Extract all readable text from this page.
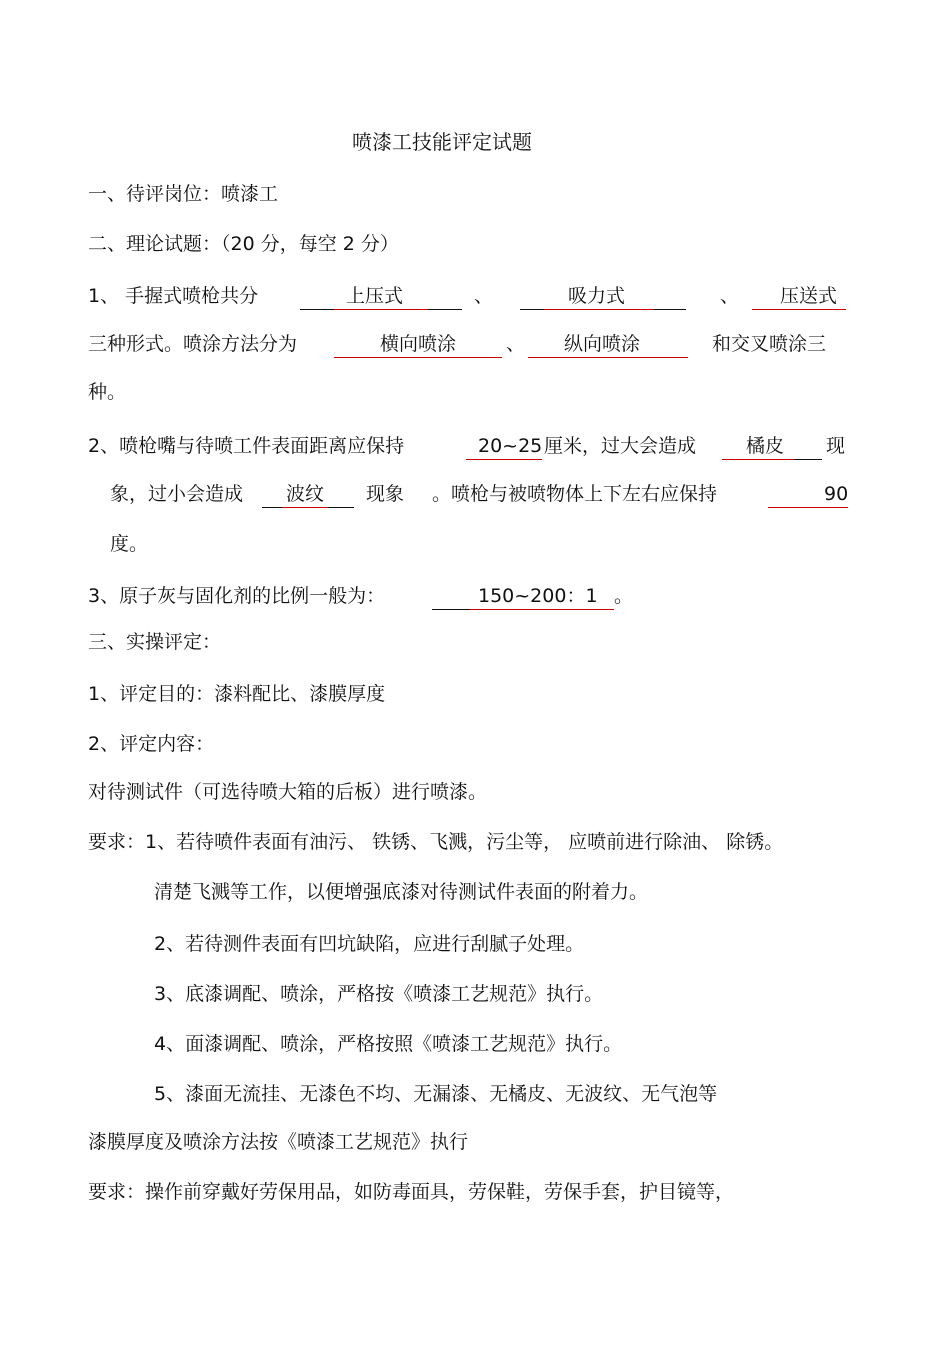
喷漆工技能评定试题
一、待评岗位：喷漆工
二、理论试题：（20 分，每空 2 分）
1、 手握式喷枪共分	上压式	、	吸力式	、 压送式
三种形式。喷涂方法分为	横向喷涂	、 纵向喷涂	和交叉喷涂三
种。
2、喷枪嘴与待喷工件表面距离应保持	20~25 厘米，过大会造成	橘皮 现
象，过小会造成 波纹 现象 。喷枪与被喷物体上下左右应保持	90
度。
3、原子灰与固化剂的比例一般为：	150~200：1 。
三、实操评定：
1、评定目的：漆料配比、漆膜厚度
2、评定内容：
对待测试件（可选待喷大箱的后板）进行喷漆。
要求：1、若待喷件表面有油污、 铁锈、飞溅，污尘等， 应喷前进行除油、 除锈。
清楚飞溅等工作，以便增强底漆对待测试件表面的附着力。
2、若待测件表面有凹坑缺陷，应进行刮腻子处理。
3、底漆调配、喷涂，严格按《喷漆工艺规范》执行。
4、面漆调配、喷涂，严格按照《喷漆工艺规范》执行。
5、漆面无流挂、无漆色不均、无漏漆、无橘皮、无波纹、无气泡等
漆膜厚度及喷涂方法按《喷漆工艺规范》执行
要求：操作前穿戴好劳保用品，如防毒面具，劳保鞋，劳保手套，护目镜等，
